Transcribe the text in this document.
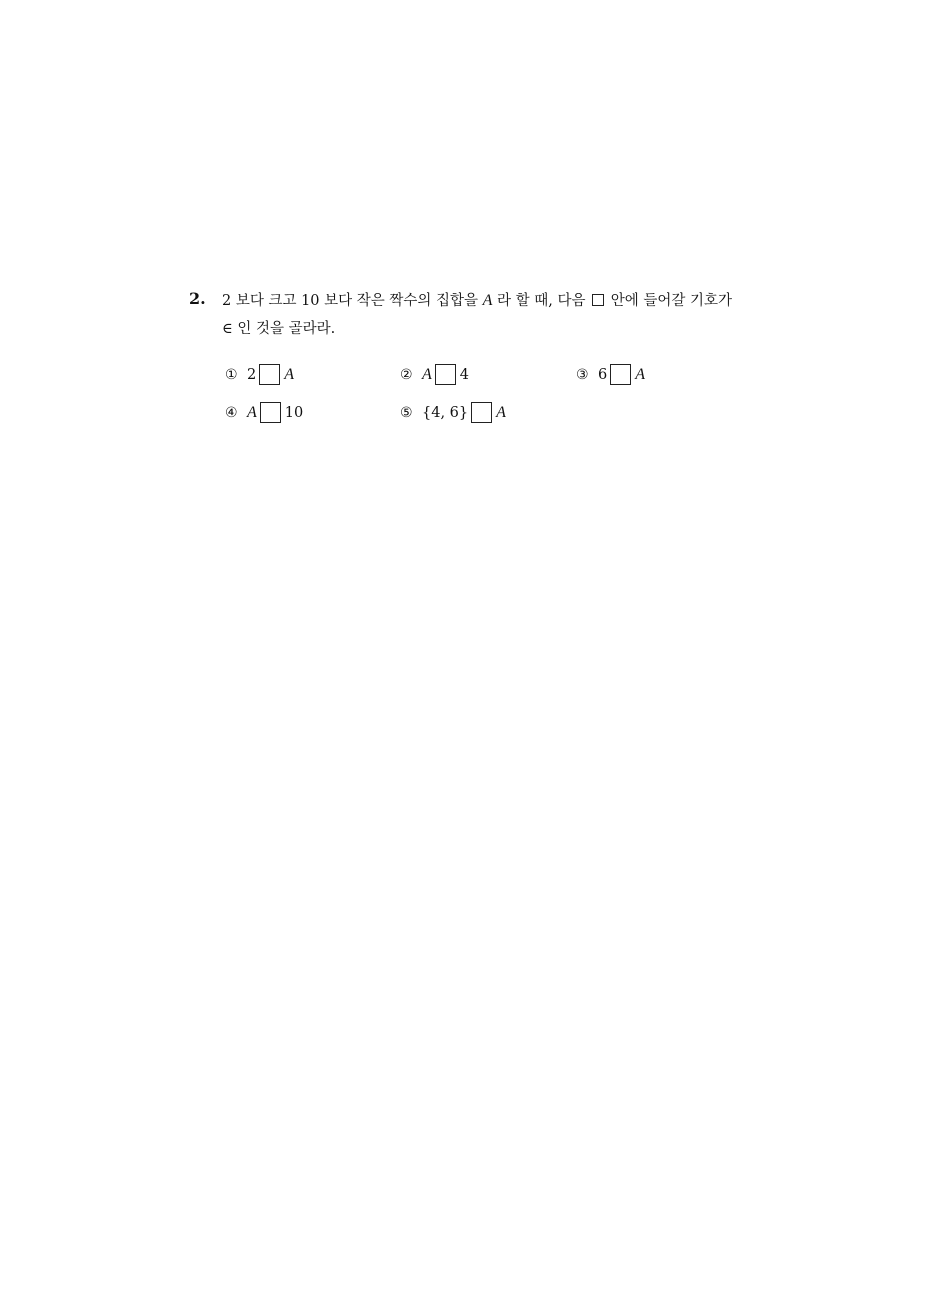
2. 2 보다 크고 10 보다 작은 짝수의 집합을 A 라 할 때, 다음  안에 들어갈 기호가
∈ 인 것을 골라라.
① 2 A	② A 4	③ 6 A
④ A 10	⑤ {4, 6} A
